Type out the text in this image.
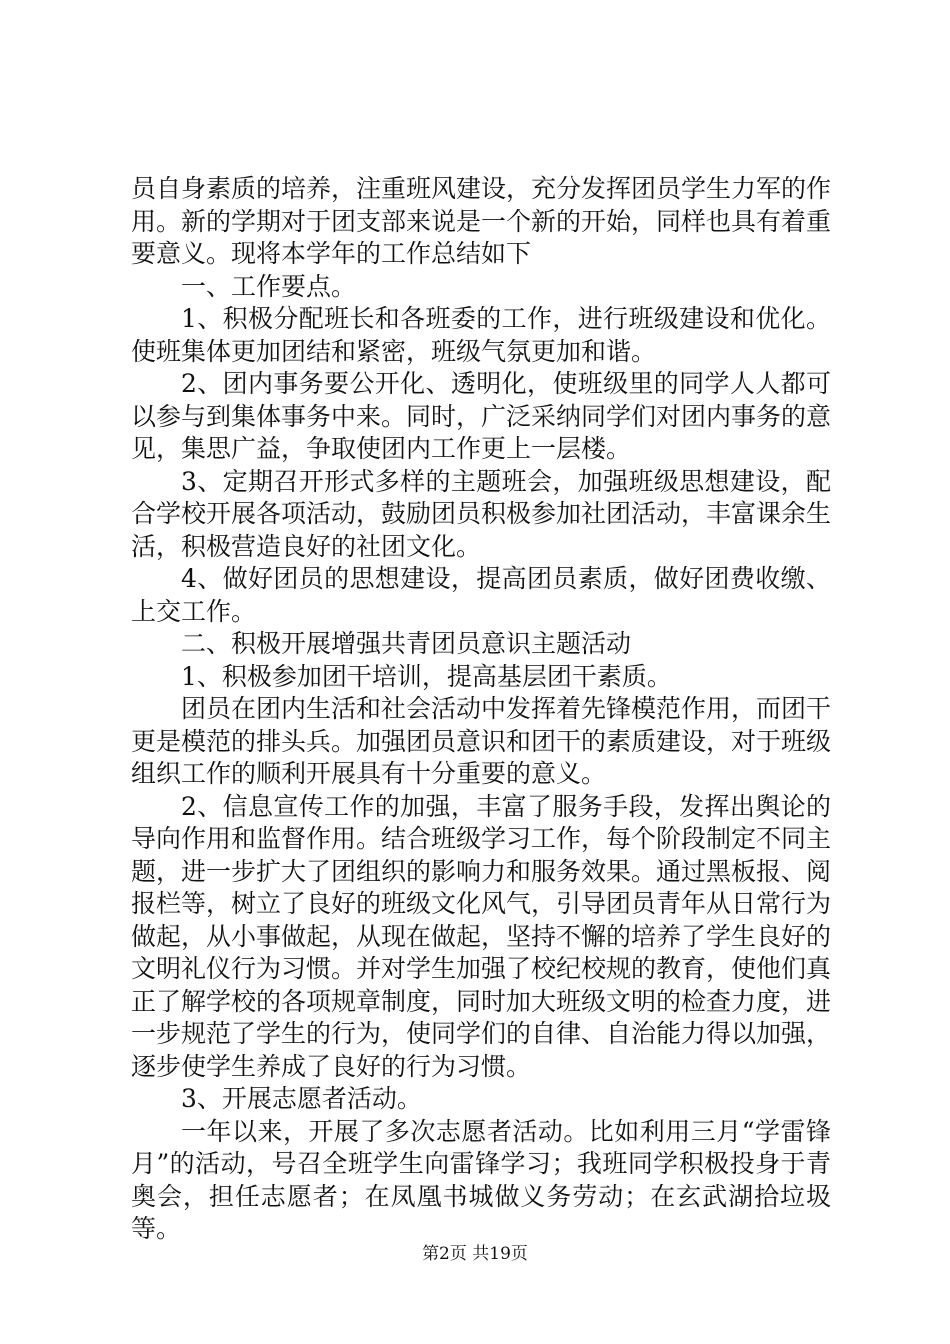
员自身素质的培养，注重班风建设，充分发挥团员学生力军的作用。新的学期对于团支部来说是一个新的开始，同样也具有着重要意义。现将本学年的工作总结如下

一、工作要点。

1、积极分配班长和各班委的工作，进行班级建设和优化。使班集体更加团结和紧密，班级气氛更加和谐。

2、团内事务要公开化、透明化，使班级里的同学人人都可以参与到集体事务中来。同时，广泛采纳同学们对团内事务的意见，集思广益，争取使团内工作更上一层楼。

3、定期召开形式多样的主题班会，加强班级思想建设，配合学校开展各项活动，鼓励团员积极参加社团活动，丰富课余生活，积极营造良好的社团文化。

4、做好团员的思想建设，提高团员素质，做好团费收缴、上交工作。

二、积极开展增强共青团员意识主题活动

1、积极参加团干培训，提高基层团干素质。

团员在团内生活和社会活动中发挥着先锋模范作用，而团干更是模范的排头兵。加强团员意识和团干的素质建设，对于班级组织工作的顺利开展具有十分重要的意义。

2、信息宣传工作的加强，丰富了服务手段，发挥出舆论的导向作用和监督作用。结合班级学习工作，每个阶段制定不同主题，进一步扩大了团组织的影响力和服务效果。通过黑板报、阅报栏等，树立了良好的班级文化风气，引导团员青年从日常行为做起，从小事做起，从现在做起，坚持不懈的培养了学生良好的文明礼仪行为习惯。并对学生加强了校纪校规的教育，使他们真正了解学校的各项规章制度，同时加大班级文明的检查力度，进一步规范了学生的行为，使同学们的自律、自治能力得以加强，逐步使学生养成了良好的行为习惯。

3、开展志愿者活动。

一年以来，开展了多次志愿者活动。比如利用三月“学雷锋月”的活动，号召全班学生向雷锋学习；我班同学积极投身于青奥会，担任志愿者；在凤凰书城做义务劳动；在玄武湖拾垃圾等。

第2页 共19页
